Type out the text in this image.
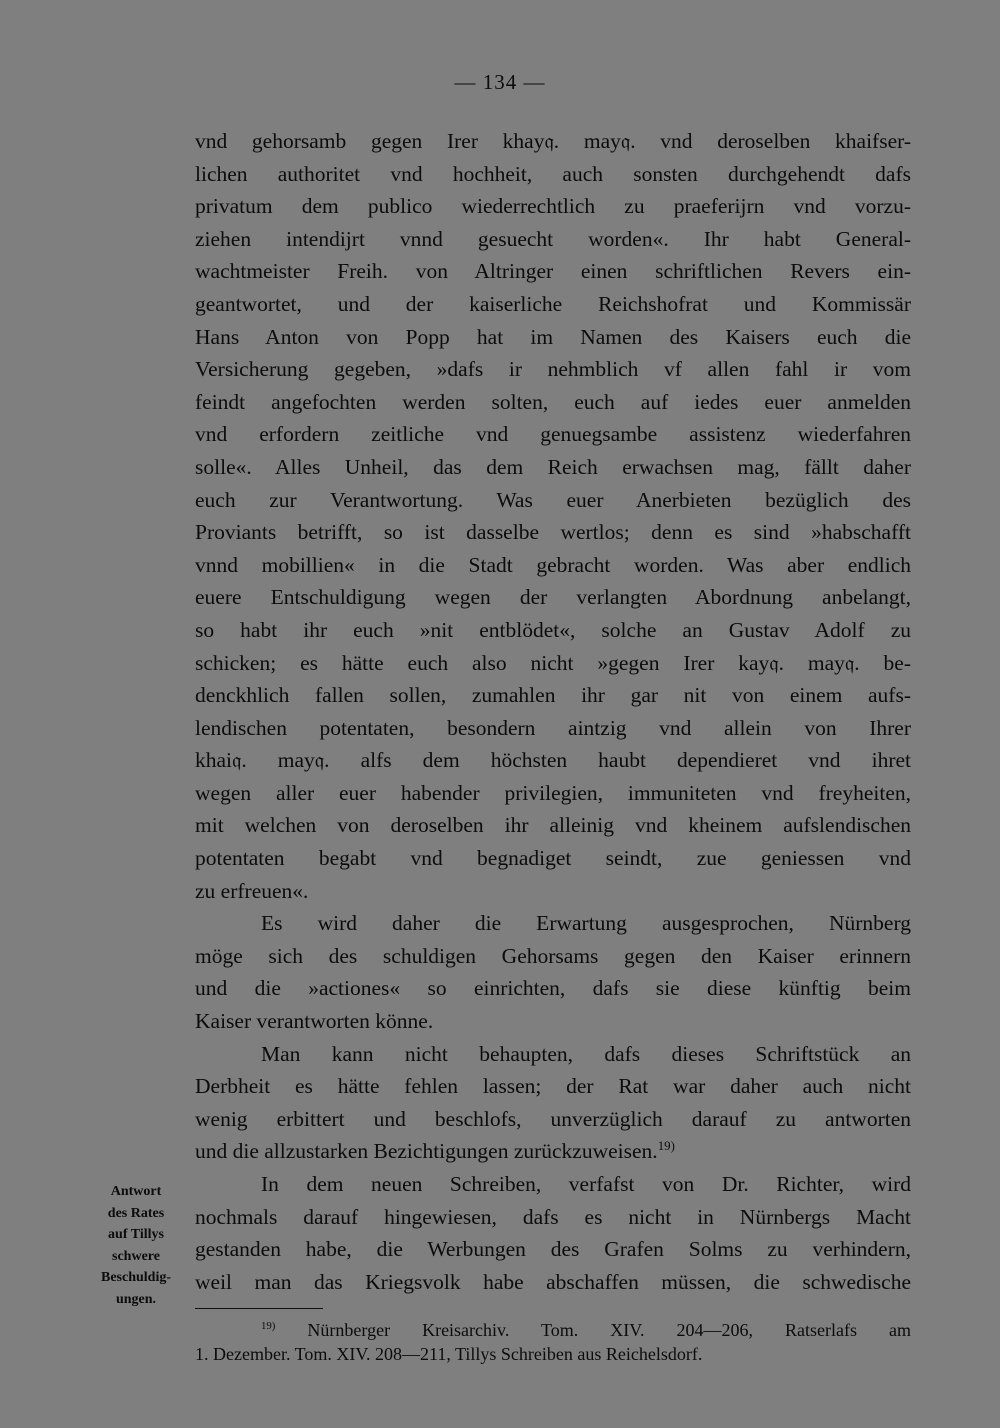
— 134 —
vnd gehorsamb gegen Irer khay𝔮. may𝔮. vnd deroselben khaifser-
lichen authoritet vnd hochheit, auch sonsten durchgehendt dafs
privatum dem publico wiederrechtlich zu praeferijrn vnd vorzu-
ziehen intendijrt vnnd gesuecht worden«. Ihr habt General-
wachtmeister Freih. von Altringer einen schriftlichen Revers ein-
geantwortet, und der kaiserliche Reichshofrat und Kommissär
Hans Anton von Popp hat im Namen des Kaisers euch die
Versicherung gegeben, »dafs ir nehmblich vf allen fahl ir vom
feindt angefochten werden solten, euch auf iedes euer anmelden
vnd erfordern zeitliche vnd genuegsambe assistenz wiederfahren
solle«. Alles Unheil, das dem Reich erwachsen mag, fällt daher
euch zur Verantwortung. Was euer Anerbieten bezüglich des
Proviants betrifft, so ist dasselbe wertlos; denn es sind »habschafft
vnnd mobillien« in die Stadt gebracht worden. Was aber endlich
euere Entschuldigung wegen der verlangten Abordnung anbelangt,
so habt ihr euch »nit entblödet«, solche an Gustav Adolf zu
schicken; es hätte euch also nicht »gegen Irer kay𝔮. may𝔮. be-
denckhlich fallen sollen, zumahlen ihr gar nit von einem aufs-
lendischen potentaten, besondern aintzig vnd allein von Ihrer
khai𝔮. may𝔮. alfs dem höchsten haubt dependieret vnd ihret
wegen aller euer habender privilegien, immuniteten vnd freyheiten,
mit welchen von deroselben ihr alleinig vnd kheinem aufslendischen
potentaten begabt vnd begnadiget seindt, zue geniessen vnd
zu erfreuen«.
Es wird daher die Erwartung ausgesprochen, Nürnberg
möge sich des schuldigen Gehorsams gegen den Kaiser erinnern
und die »actiones« so einrichten, dafs sie diese künftig beim
Kaiser verantworten könne.
Man kann nicht behaupten, dafs dieses Schriftstück an
Derbheit es hätte fehlen lassen; der Rat war daher auch nicht
wenig erbittert und beschlofs, unverzüglich darauf zu antworten
und die allzustarken Bezichtigungen zurückzuweisen.$^{19)}$
In dem neuen Schreiben, verfafst von Dr. Richter, wird
nochmals darauf hingewiesen, dafs es nicht in Nürnbergs Macht
gestanden habe, die Werbungen des Grafen Solms zu verhindern,
weil man das Kriegsvolk habe abschaffen müssen, die schwedische
Antwort
des Rates
auf Tillys
schwere
Beschuldig-
ungen.
$^{19)}$ Nürnberger Kreisarchiv. Tom. XIV. 204—206, Ratserlafs am
1. Dezember. Tom. XIV. 208—211, Tillys Schreiben aus Reichelsdorf.
